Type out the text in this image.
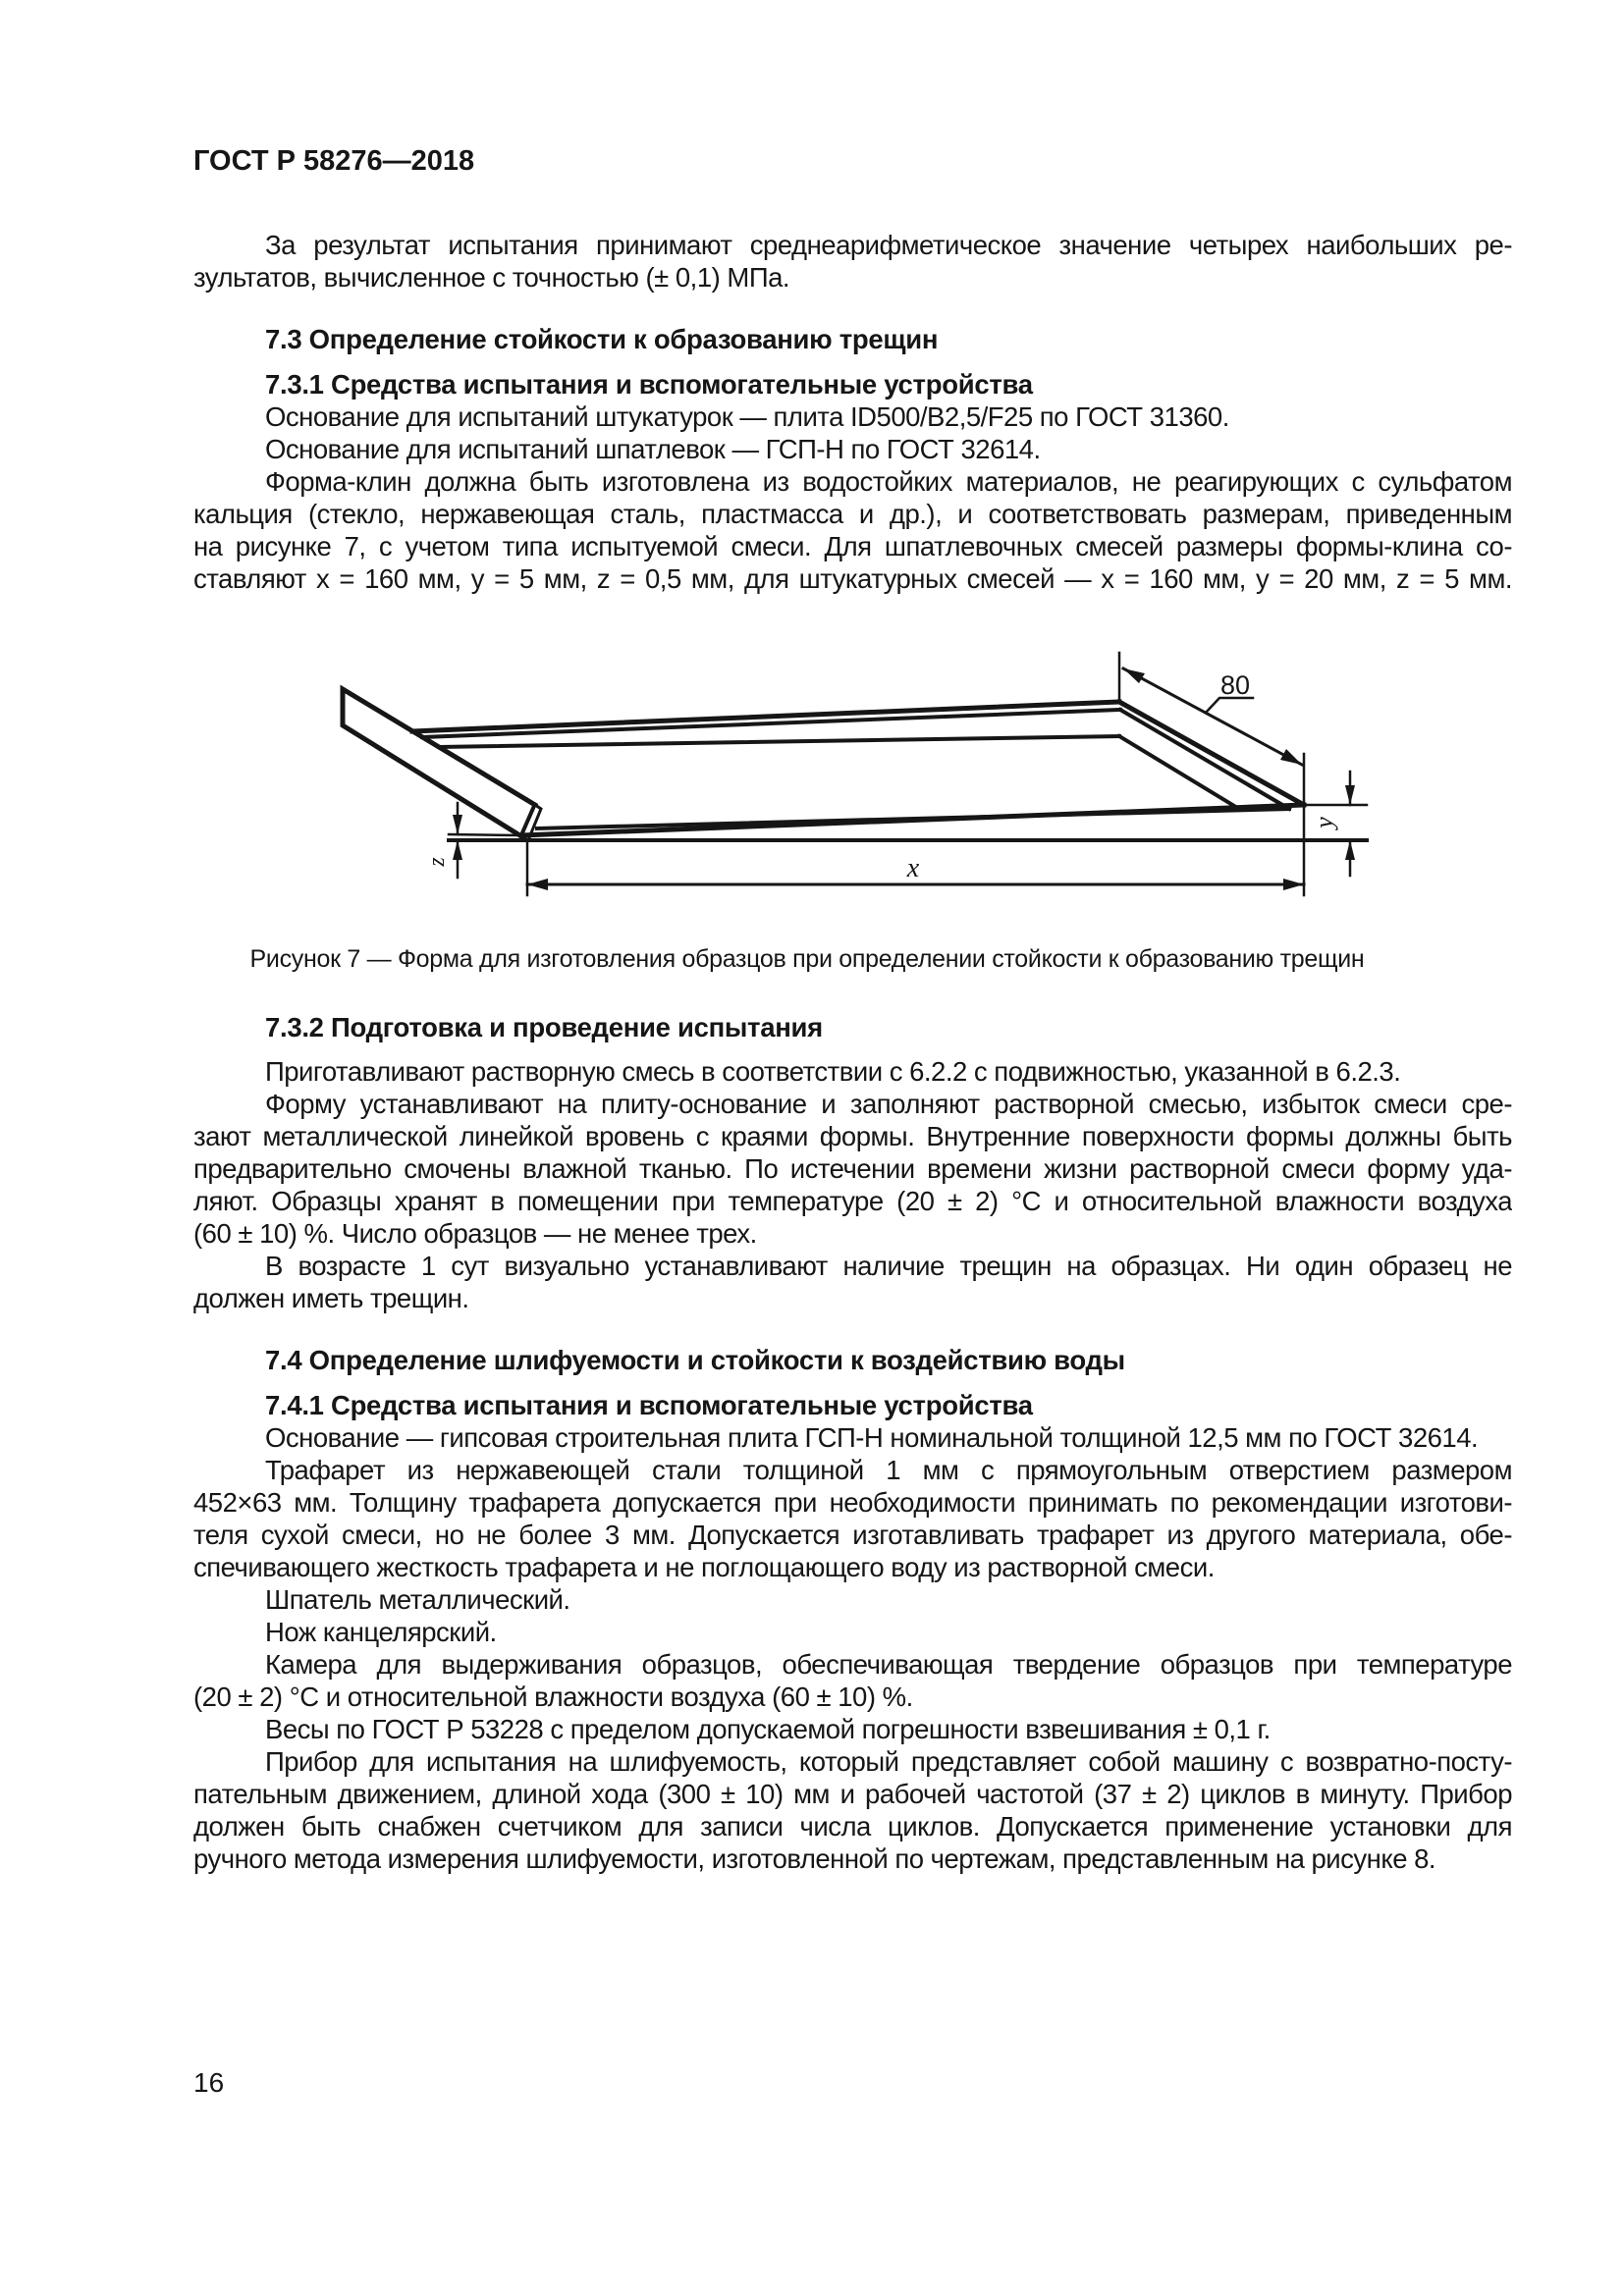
ГОСТ Р 58276—2018
За результат испытания принимают среднеарифметическое значение четырех наибольших ре-
зультатов, вычисленное с точностью (± 0,1) МПа.
7.3 Определение стойкости к образованию трещин
7.3.1 Средства испытания и вспомогательные устройства
Основание для испытаний штукатурок — плита ID500/B2,5/F25 по ГОСТ 31360.
Основание для испытаний шпатлевок — ГСП-Н по ГОСТ 32614.
Форма-клин должна быть изготовлена из водостойких материалов, не реагирующих с сульфатом
кальция (стекло, нержавеющая сталь, пластмасса и др.), и соответствовать размерам, приведенным
на рисунке 7, с учетом типа испытуемой смеси. Для шпатлевочных смесей размеры формы-клина со-
ставляют x = 160 мм, y = 5 мм, z = 0,5 мм, для штукатурных смесей — x = 160 мм, y = 20 мм, z = 5 мм.
z	x
y
80
Рисунок 7 — Форма для изготовления образцов при определении стойкости к образованию трещин
7.3.2 Подготовка и проведение испытания
Приготавливают растворную смесь в соответствии с 6.2.2 с подвижностью, указанной в 6.2.3.
Форму устанавливают на плиту-основание и заполняют растворной смесью, избыток смеси сре-
зают металлической линейкой вровень с краями формы. Внутренние поверхности формы должны быть
предварительно смочены влажной тканью. По истечении времени жизни растворной смеси форму уда-
ляют. Образцы хранят в помещении при температуре (20 ± 2) °С и относительной влажности воздуха
(60 ± 10) %. Число образцов — не менее трех.
В возрасте 1 сут визуально устанавливают наличие трещин на образцах. Ни один образец не
должен иметь трещин.
7.4 Определение шлифуемости и стойкости к воздействию воды
7.4.1 Средства испытания и вспомогательные устройства
Основание — гипсовая строительная плита ГСП-Н номинальной толщиной 12,5 мм по ГОСТ 32614.
Трафарет из нержавеющей стали толщиной 1 мм с прямоугольным отверстием размером
452×63 мм. Толщину трафарета допускается при необходимости принимать по рекомендации изготови-
теля сухой смеси, но не более 3 мм. Допускается изготавливать трафарет из другого материала, обе-
спечивающего жесткость трафарета и не поглощающего воду из растворной смеси.
Шпатель металлический.
Нож канцелярский.
Камера для выдерживания образцов, обеспечивающая твердение образцов при температуре
(20 ± 2) °С и относительной влажности воздуха (60 ± 10) %.
Весы по ГОСТ Р 53228 с пределом допускаемой погрешности взвешивания ± 0,1 г.
Прибор для испытания на шлифуемость, который представляет собой машину с возвратно-посту-
пательным движением, длиной хода (300 ± 10) мм и рабочей частотой (37 ± 2) циклов в минуту. Прибор
должен быть снабжен счетчиком для записи числа циклов. Допускается применение установки для
ручного метода измерения шлифуемости, изготовленной по чертежам, представленным на рисунке 8.
16
